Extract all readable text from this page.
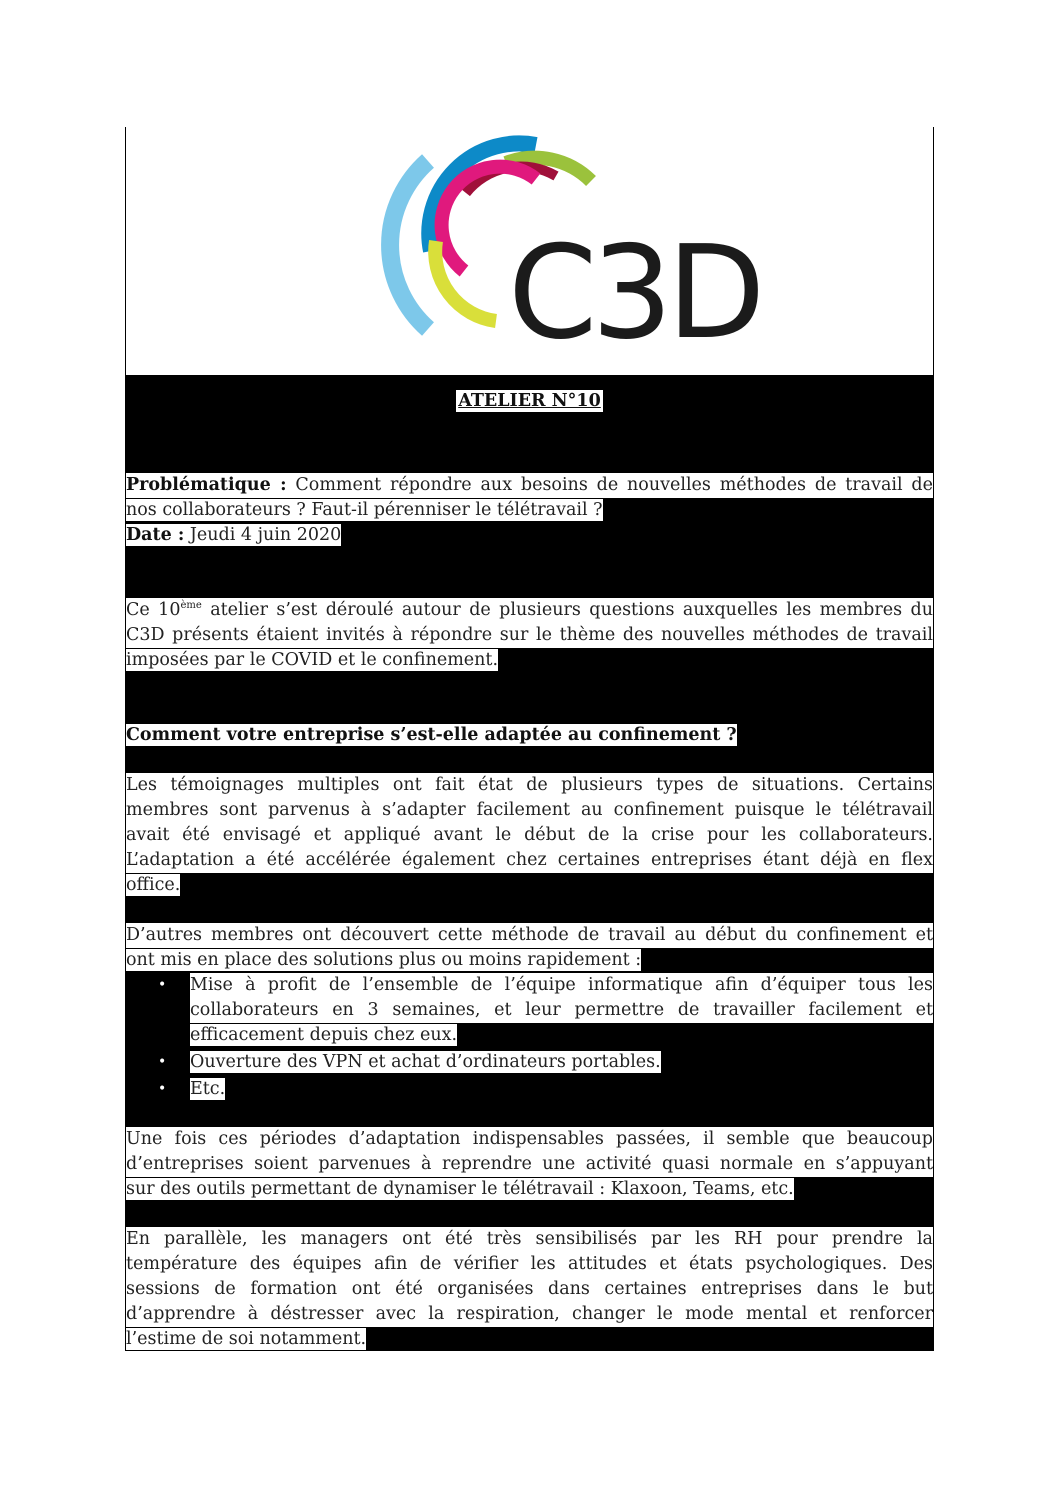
C3D
ATELIER N°10
Problématique : Comment répondre aux besoins de nouvelles méthodes de travail de
nos collaborateurs ? Faut-il pérenniser le télétravail ?
Date : Jeudi 4 juin 2020
Ce 10ème atelier s’est déroulé autour de plusieurs questions auxquelles les membres du
C3D présents étaient invités à répondre sur le thème des nouvelles méthodes de travail
imposées par le COVID et le confinement.
Comment votre entreprise s’est-elle adaptée au confinement ?
Les témoignages multiples ont fait état de plusieurs types de situations. Certains
membres sont parvenus à s’adapter facilement au confinement puisque le télétravail
avait été envisagé et appliqué avant le début de la crise pour les collaborateurs.
L’adaptation a été accélérée également chez certaines entreprises étant déjà en flex
office.
D’autres membres ont découvert cette méthode de travail au début du confinement et
ont mis en place des solutions plus ou moins rapidement :
• Mise à profit de l’ensemble de l’équipe informatique afin d’équiper tous les
collaborateurs en 3 semaines, et leur permettre de travailler facilement et
efficacement depuis chez eux.
• Ouverture des VPN et achat d’ordinateurs portables.
• Etc.
Une fois ces périodes d’adaptation indispensables passées, il semble que beaucoup
d’entreprises soient parvenues à reprendre une activité quasi normale en s’appuyant
sur des outils permettant de dynamiser le télétravail : Klaxoon, Teams, etc.
En parallèle, les managers ont été très sensibilisés par les RH pour prendre la
température des équipes afin de vérifier les attitudes et états psychologiques. Des
sessions de formation ont été organisées dans certaines entreprises dans le but
d’apprendre à déstresser avec la respiration, changer le mode mental et renforcer
l’estime de soi notamment.
